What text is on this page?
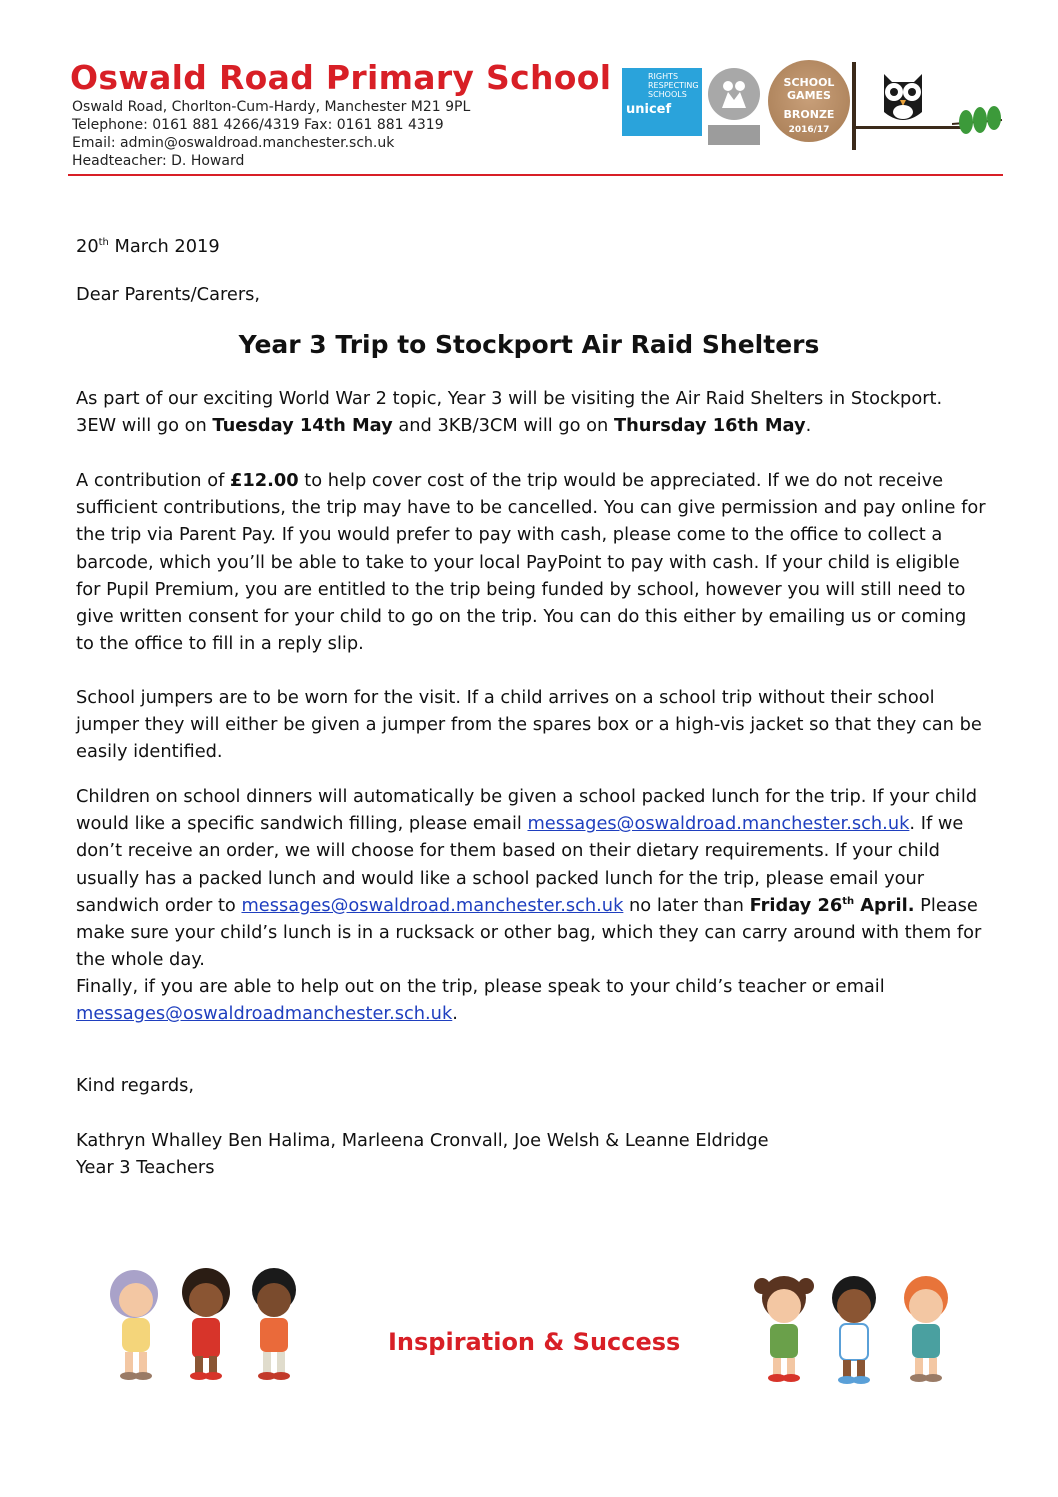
Oswald Road Primary School
Oswald Road, Chorlton-Cum-Hardy, Manchester M21 9PL
Telephone: 0161 881 4266/4319 Fax: 0161 881 4319
Email: admin@oswaldroad.manchester.sch.uk
Headteacher: D. Howard
RIGHTS RESPECTING SCHOOLS
unicef
SCHOOL GAMES
BRONZE
2016/17
20th March 2019
Dear Parents/Carers,
Year 3 Trip to Stockport Air Raid Shelters
As part of our exciting World War 2 topic, Year 3 will be visiting the Air Raid Shelters in Stockport. 3EW will go on Tuesday 14th May and 3KB/3CM will go on Thursday 16th May.
A contribution of £12.00 to help cover cost of the trip would be appreciated. If we do not receive sufficient contributions, the trip may have to be cancelled. You can give permission and pay online for the trip via Parent Pay. If you would prefer to pay with cash, please come to the office to collect a barcode, which you’ll be able to take to your local PayPoint to pay with cash. If your child is eligible for Pupil Premium, you are entitled to the trip being funded by school, however you will still need to give written consent for your child to go on the trip. You can do this either by emailing us or coming to the office to fill in a reply slip.
School jumpers are to be worn for the visit. If a child arrives on a school trip without their school jumper they will either be given a jumper from the spares box or a high-vis jacket so that they can be easily identified.
Children on school dinners will automatically be given a school packed lunch for the trip. If your child would like a specific sandwich filling, please email messages@oswaldroad.manchester.sch.uk. If we don’t receive an order, we will choose for them based on their dietary requirements. If your child usually has a packed lunch and would like a school packed lunch for the trip, please email your sandwich order to messages@oswaldroad.manchester.sch.uk no later than Friday 26th April. Please make sure your child’s lunch is in a rucksack or other bag, which they can carry around with them for the whole day.
Finally, if you are able to help out on the trip, please speak to your child’s teacher or email messages@oswaldroadmanchester.sch.uk.
Kind regards,
Kathryn Whalley Ben Halima, Marleena Cronvall, Joe Welsh & Leanne Eldridge
Year 3 Teachers
Inspiration & Success
